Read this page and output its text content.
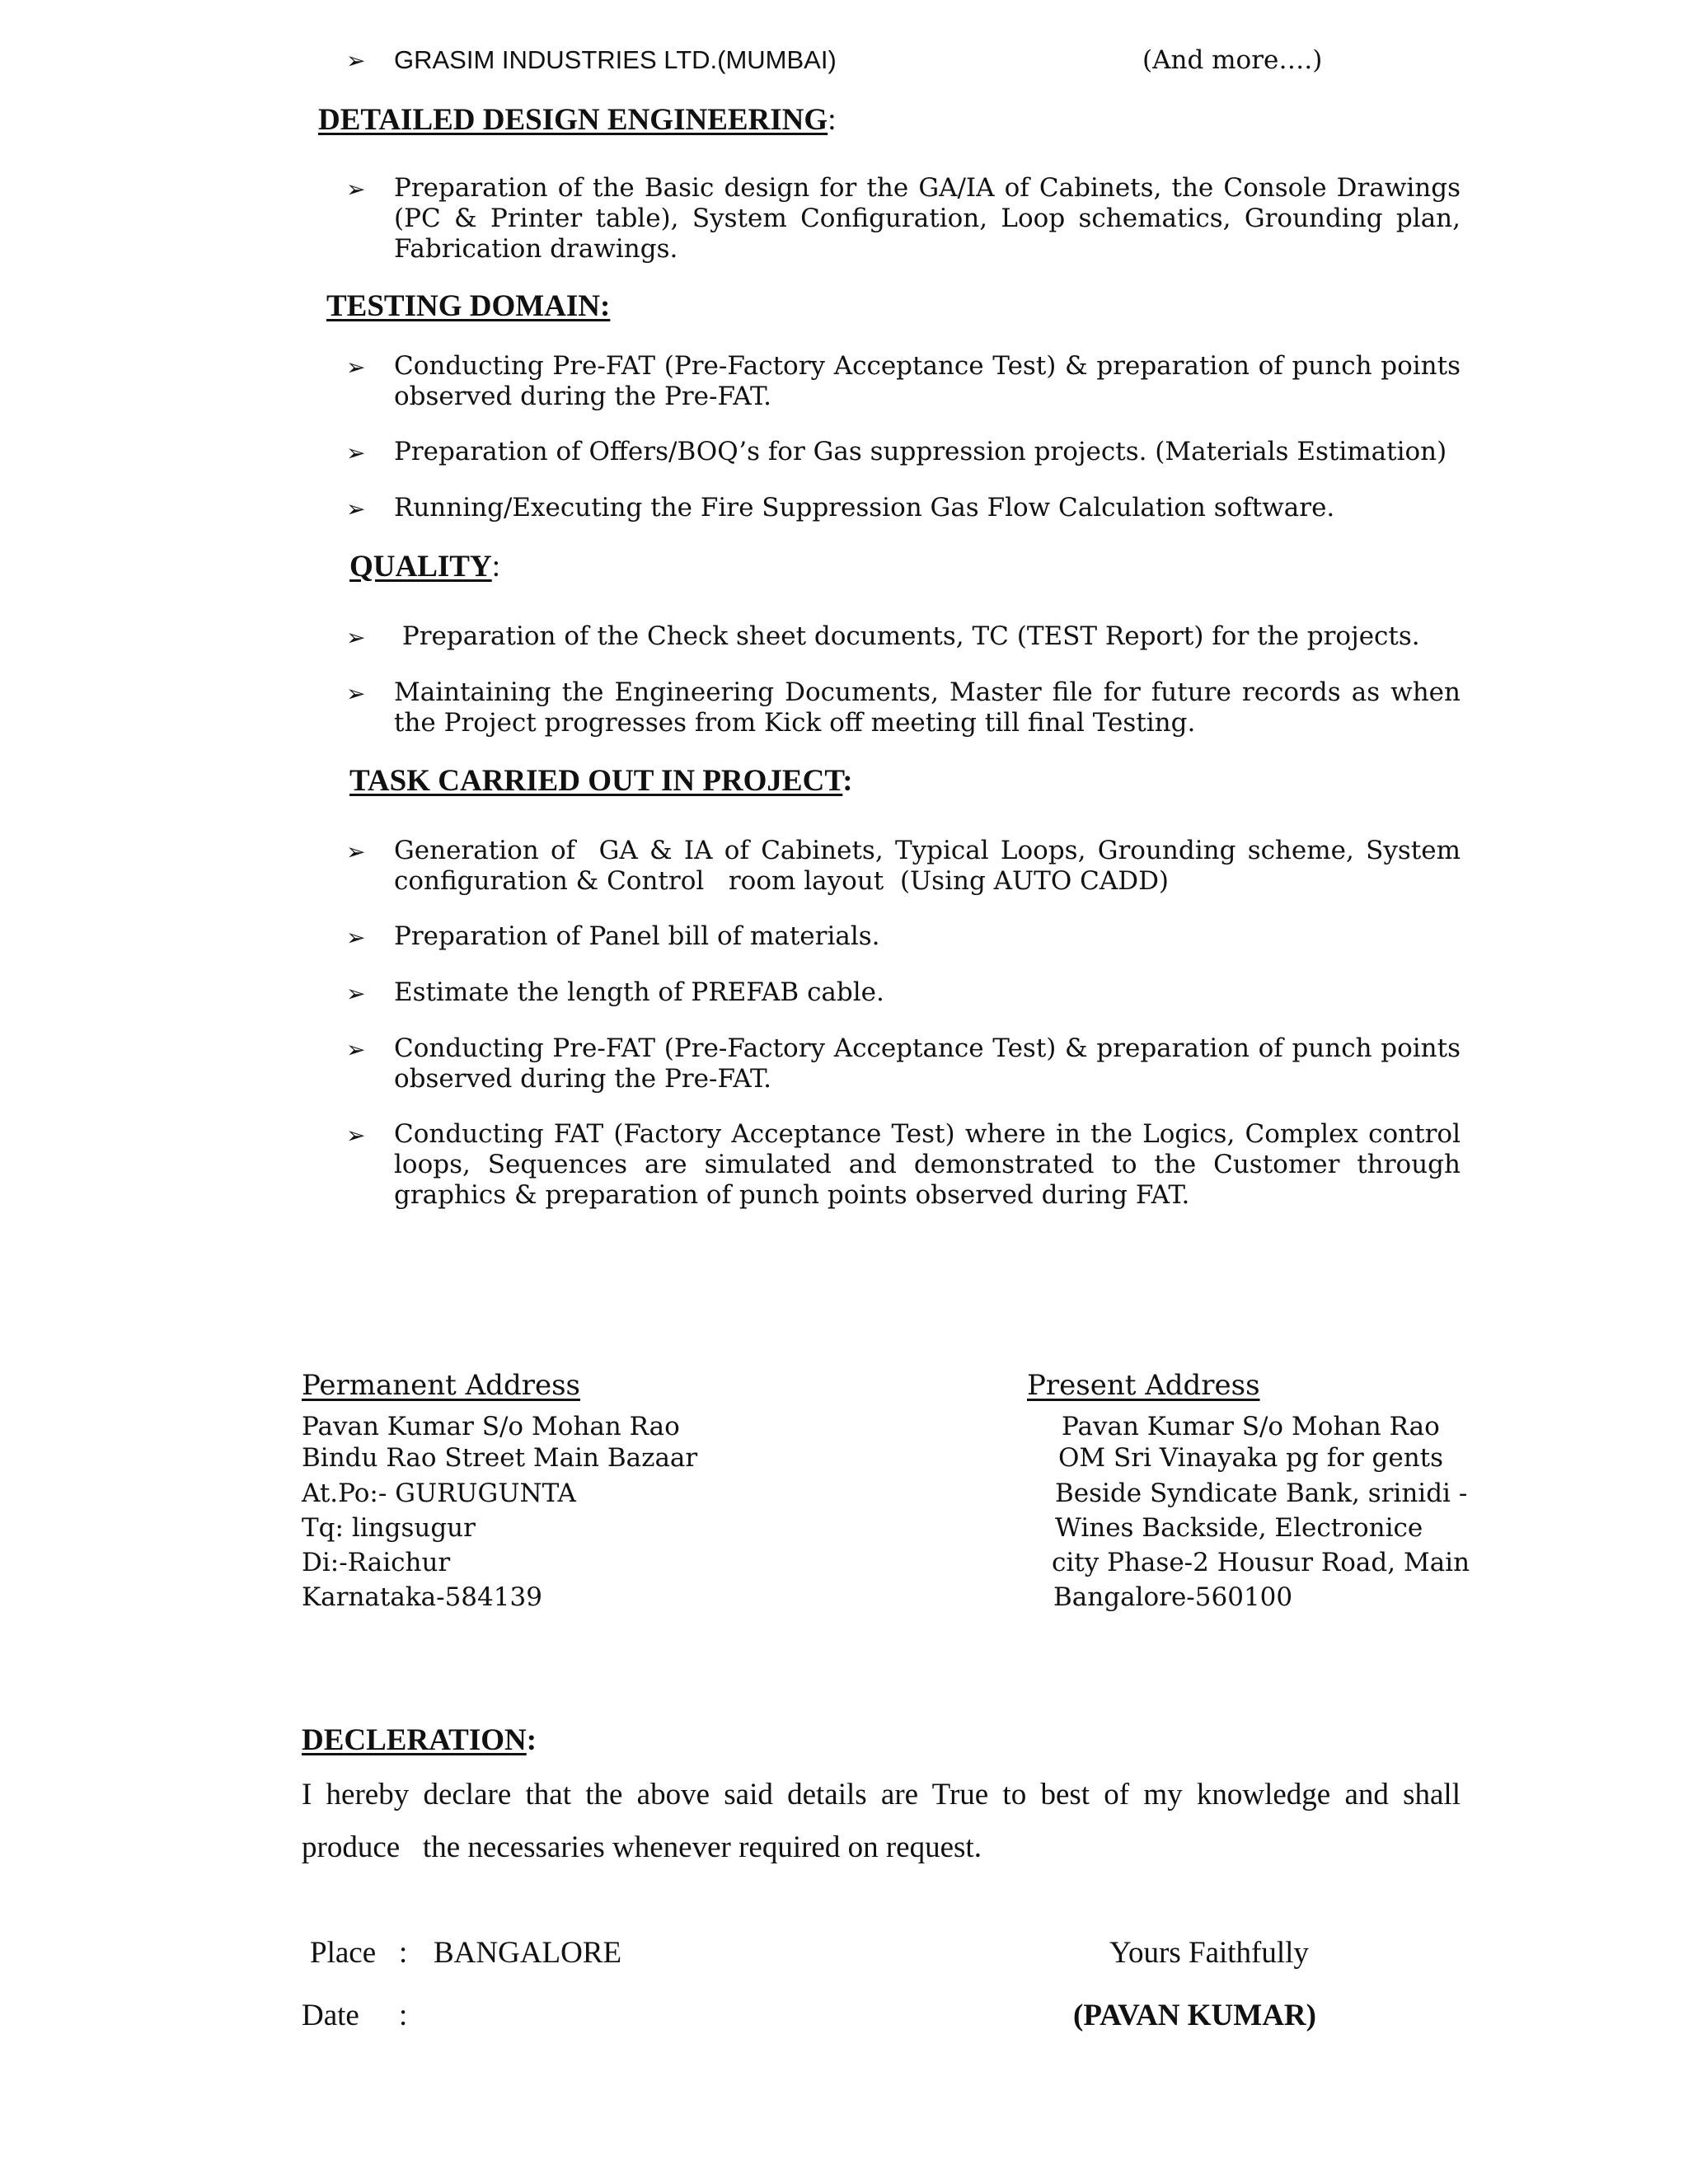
➢ GRASIM INDUSTRIES LTD.(MUMBAI)	(And more….)
DETAILED DESIGN ENGINEERING:
➢ Preparation of the Basic design for the GA/IA of Cabinets, the Console Drawings (PC & Printer table), System Configuration, Loop schematics, Grounding plan, Fabrication drawings.
TESTING DOMAIN:
➢ Conducting Pre-FAT (Pre-Factory Acceptance Test) & preparation of punch points observed during the Pre-FAT.
➢ Preparation of Offers/BOQ’s for Gas suppression projects. (Materials Estimation)
➢ Running/Executing the Fire Suppression Gas Flow Calculation software.
QUALITY:
➢ Preparation of the Check sheet documents, TC (TEST Report) for the projects.
➢ Maintaining the Engineering Documents, Master file for future records as when the Project progresses from Kick off meeting till final Testing.
TASK CARRIED OUT IN PROJECT:
➢ Generation of  GA & IA of Cabinets, Typical Loops, Grounding scheme, System configuration & Control   room layout  (Using AUTO CADD)
➢ Preparation of Panel bill of materials.
➢ Estimate the length of PREFAB cable.
➢ Conducting Pre-FAT (Pre-Factory Acceptance Test) & preparation of punch points observed during the Pre-FAT.
➢ Conducting FAT (Factory Acceptance Test) where in the Logics, Complex control loops, Sequences are simulated and demonstrated to the Customer through graphics & preparation of punch points observed during FAT.
Permanent Address
Pavan Kumar S/o Mohan Rao
Bindu Rao Street Main Bazaar
At.Po:- GURUGUNTA
Tq: lingsugur
Di:-Raichur
Karnataka-584139
Present Address
Pavan Kumar S/o Mohan Rao
OM Sri Vinayaka pg for gents
Beside Syndicate Bank, srinidi -
Wines Backside, Electronice
city Phase-2 Housur Road, Main
Bangalore-560100
DECLERATION:
I hereby declare that the above said details are True to best of my knowledge and shall produce   the necessaries whenever required on request.
Place : BANGALORE
Date :
Yours Faithfully
(PAVAN KUMAR)
